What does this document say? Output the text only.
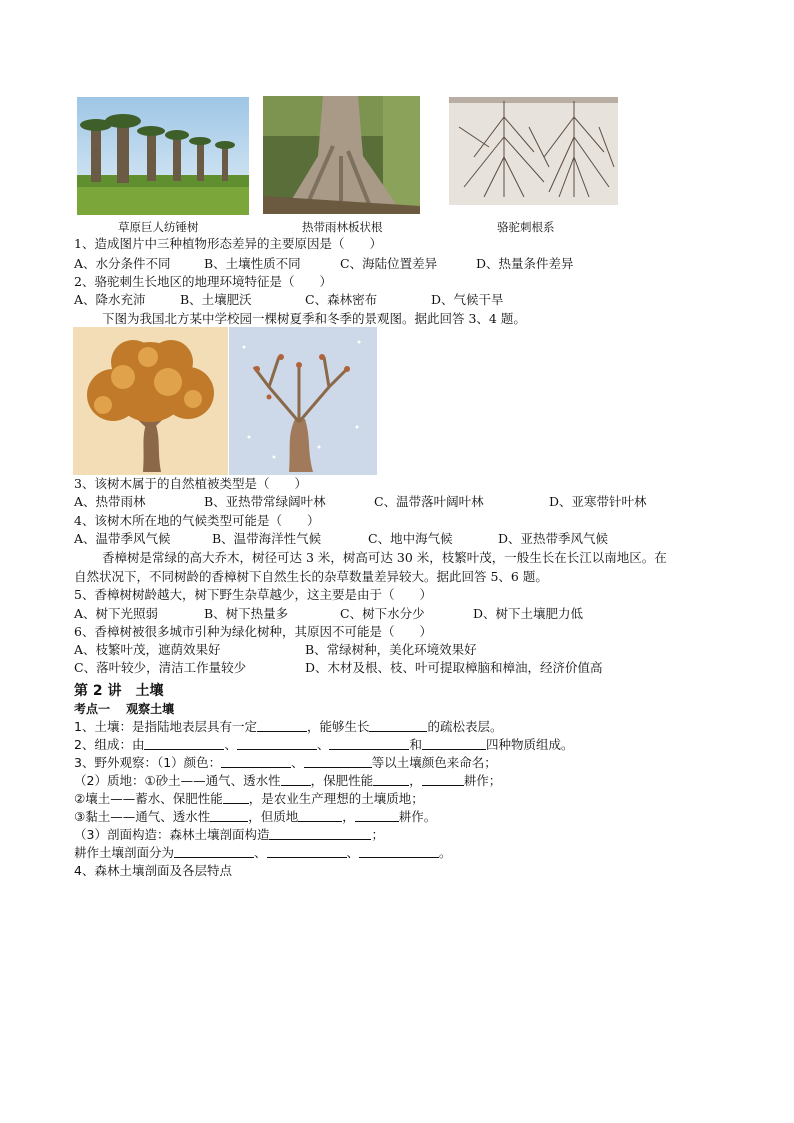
草原巨人纺锤树	热带雨林板状根	骆驼刺根系
1、造成图片中三种植物形态差异的主要原因是（　　）
A、水分条件不同	B、土壤性质不同	C、海陆位置差异	D、热量条件差异
2、骆驼刺生长地区的地理环境特征是（　　）
A、降水充沛	B、土壤肥沃	C、森林密布	D、气候干旱
下图为我国北方某中学校园一棵树夏季和冬季的景观图。据此回答 3、4 题。
3、该树木属于的自然植被类型是（　　）
A、热带雨林	B、亚热带常绿阔叶林	C、温带落叶阔叶林	D、亚寒带针叶林
4、该树木所在地的气候类型可能是（　　）
A、温带季风气候	B、温带海洋性气候	C、地中海气候	D、亚热带季风气候
香樟树是常绿的高大乔木，树径可达 3 米，树高可达 30 米，枝繁叶茂，一般生长在长江以南地区。在
自然状况下，不同树龄的香樟树下自然生长的杂草数量差异较大。据此回答 5、6 题。
5、香樟树树龄越大，树下野生杂草越少，这主要是由于（　　）
A、树下光照弱	B、树下热量多	C、树下水分少	D、树下土壤肥力低
6、香樟树被很多城市引种为绿化树种，其原因不可能是（　　）
A、枝繁叶茂，遮荫效果好	B、常绿树种，美化环境效果好
C、落叶较少，清洁工作量较少	D、木材及根、枝、叶可提取樟脑和樟油，经济价值高
第 2 讲　土壤
考点一　 观察土壤
1、土壤：是指陆地表层具有一定	，能够生长	的疏松表层。
2、组成：由	、	、	和	四种物质组成。
3、野外观察：（1）颜色：	、	等以土壤颜色来命名；
（2）质地：①砂土——通气、透水性 ，保肥性能	，	耕作；
②壤土——蓄水、保肥性能 ，是农业生产理想的土壤质地；
③黏土——通气、透水性	，但质地	，	耕作。
（3）剖面构造：森林土壤剖面构造	；
耕作土壤剖面分为	、	、	。
4、森林土壤剖面及各层特点
